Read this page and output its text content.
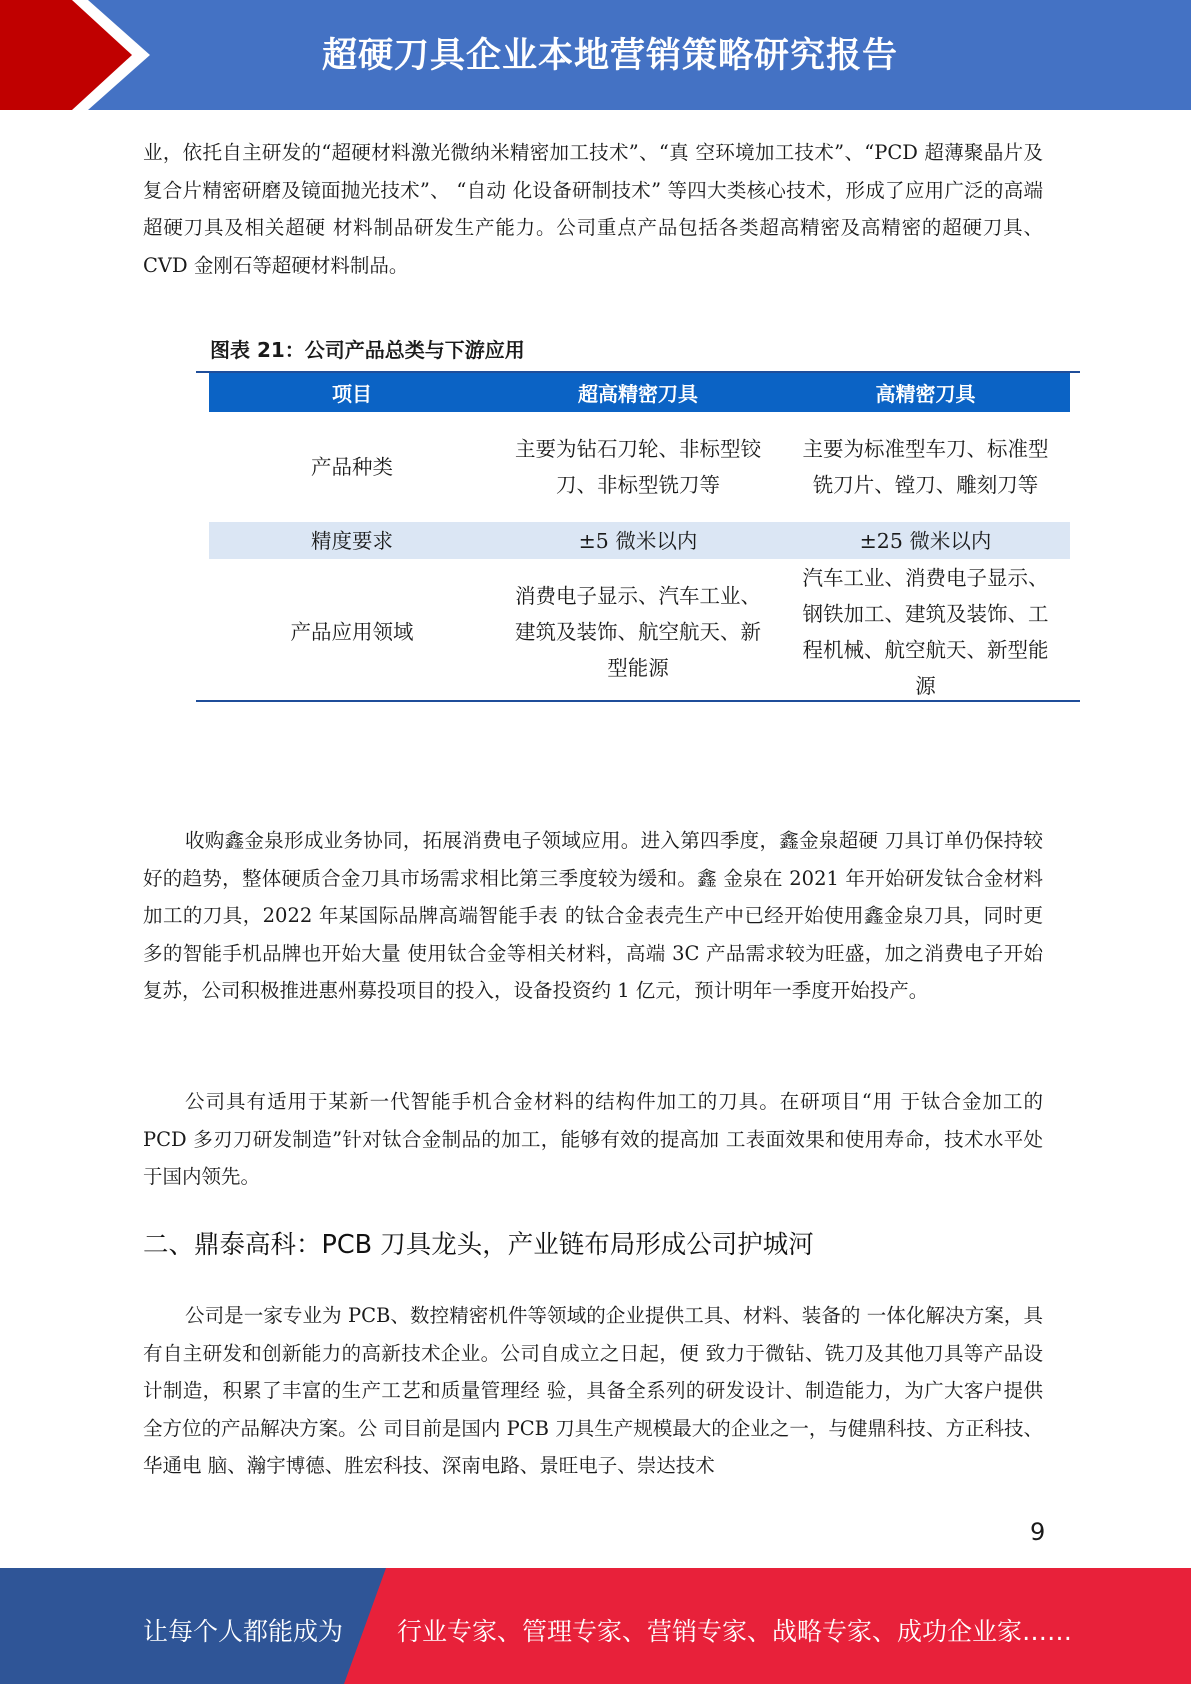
超硬刀具企业本地营销策略研究报告

业，依托自主研发的“超硬材料激光微纳米精密加工技术”、“真 空环境加工技术”、“PCD 超薄聚晶片及复合片精密研磨及镜面抛光技术”、 “自动 化设备研制技术” 等四大类核心技术，形成了应用广泛的高端超硬刀具及相关超硬 材料制品研发生产能力。公司重点产品包括各类超高精密及高精密的超硬刀具、 CVD 金刚石等超硬材料制品。

图表 21：公司产品总类与下游应用
项目	超高精密刀具	高精密刀具
产品种类	主要为钻石刀轮、非标型铰刀、非标型铣刀等	主要为标准型车刀、标准型铣刀片、镗刀、雕刻刀等
精度要求	±5 微米以内	±25 微米以内
产品应用领域	消费电子显示、汽车工业、建筑及装饰、航空航天、新型能源	汽车工业、消费电子显示、钢铁加工、建筑及装饰、工程机械、航空航天、新型能源

收购鑫金泉形成业务协同，拓展消费电子领域应用。进入第四季度，鑫金泉超硬 刀具订单仍保持较好的趋势，整体硬质合金刀具市场需求相比第三季度较为缓和。鑫 金泉在 2021 年开始研发钛合金材料加工的刀具，2022 年某国际品牌高端智能手表 的钛合金表壳生产中已经开始使用鑫金泉刀具，同时更多的智能手机品牌也开始大量 使用钛合金等相关材料，高端 3C 产品需求较为旺盛，加之消费电子开始复苏，公司积极推进惠州募投项目的投入，设备投资约 1 亿元，预计明年一季度开始投产。

公司具有适用于某新一代智能手机合金材料的结构件加工的刀具。在研项目“用 于钛合金加工的 PCD 多刃刀研发制造”针对钛合金制品的加工，能够有效的提高加 工表面效果和使用寿命，技术水平处于国内领先。

二、鼎泰高科：PCB 刀具龙头，产业链布局形成公司护城河

公司是一家专业为 PCB、数控精密机件等领域的企业提供工具、材料、装备的 一体化解决方案，具有自主研发和创新能力的高新技术企业。公司自成立之日起，便 致力于微钻、铣刀及其他刀具等产品设计制造，积累了丰富的生产工艺和质量管理经 验，具备全系列的研发设计、制造能力，为广大客户提供全方位的产品解决方案。公 司目前是国内 PCB 刀具生产规模最大的企业之一，与健鼎科技、方正科技、华通电 脑、瀚宇博德、胜宏科技、深南电路、景旺电子、崇达技术

9
让每个人都能成为 行业专家、管理专家、营销专家、战略专家、成功企业家……
